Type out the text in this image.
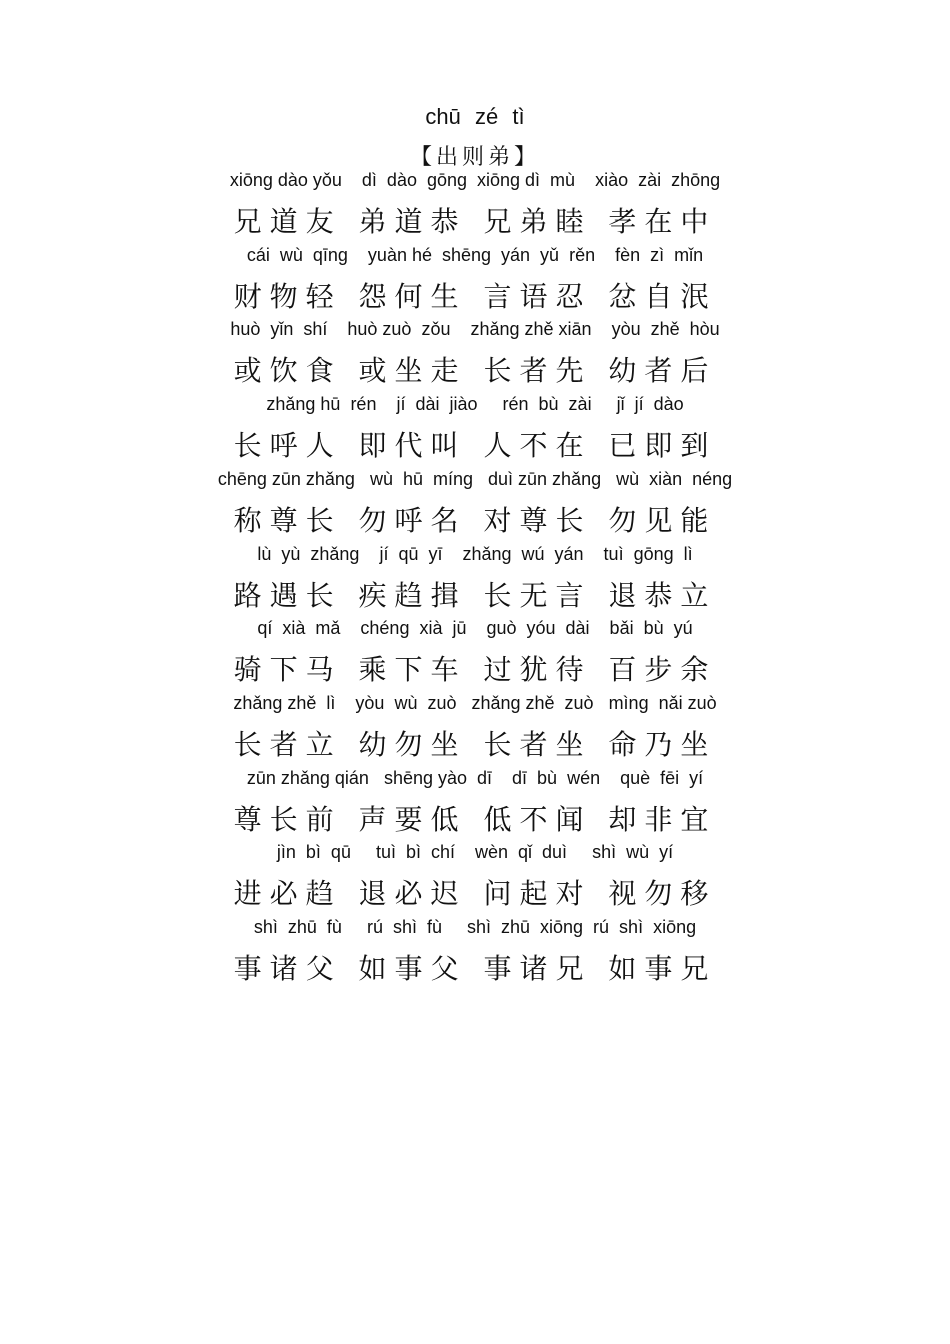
chū zé tì
【出则弟】
xiōng dào yǒu    dì  dào  gōng  xiōng dì  mù    xiào  zài  zhōng
兄道友 弟道恭 兄弟睦 孝在中
cái  wù  qīng    yuàn hé  shēng  yán  yǔ  rěn    fèn  zì  mǐn
财物轻 怨何生 言语忍 忿自泯
huò  yǐn  shí    huò zuò  zǒu    zhǎng zhě xiān    yòu  zhě  hòu
或饮食 或坐走 长者先 幼者后
zhǎng hū  rén    jí  dài  jiào     rén  bù  zài     jǐ  jí  dào
长呼人 即代叫 人不在 已即到
chēng zūn zhǎng   wù  hū  míng   duì zūn zhǎng   wù  xiàn  néng
称尊长 勿呼名 对尊长 勿见能
lù  yù  zhǎng    jí  qū  yī    zhǎng  wú  yán    tuì  gōng  lì
路遇长 疾趋揖 长无言 退恭立
qí  xià  mǎ    chéng  xià  jū    guò  yóu  dài    bǎi  bù  yú
骑下马 乘下车 过犹待 百步余
zhǎng zhě  lì    yòu  wù  zuò   zhǎng zhě  zuò   mìng  nǎi zuò
长者立 幼勿坐 长者坐 命乃坐
zūn zhǎng qián   shēng yào  dī    dī  bù  wén    què  fēi  yí
尊长前 声要低 低不闻 却非宜
jìn  bì  qū     tuì  bì  chí    wèn  qǐ  duì     shì  wù  yí
进必趋 退必迟 问起对 视勿移
shì  zhū  fù     rú  shì  fù     shì  zhū  xiōng  rú  shì  xiōng
事诸父 如事父 事诸兄 如事兄
